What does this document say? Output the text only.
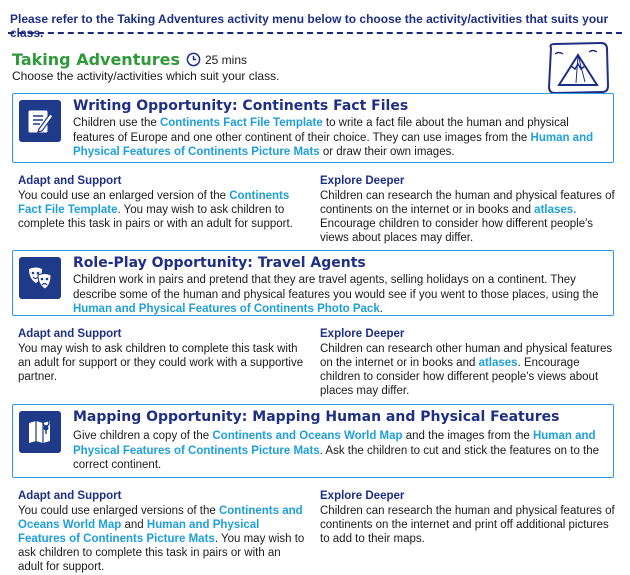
Please refer to the Taking Adventures activity menu below to choose the activity/activities that suits your class.
Taking Adventures 25 mins
Choose the activity/activities which suit your class.
Writing Opportunity: Continents Fact Files
Children use the Continents Fact File Template to write a fact file about the human and physical features of Europe and one other continent of their choice. They can use images from the Human and Physical Features of Continents Picture Mats or draw their own images.
Adapt and Support
You could use an enlarged version of the Continents Fact File Template. You may wish to ask children to complete this task in pairs or with an adult for support.
Explore Deeper
Children can research the human and physical features of continents on the internet or in books and atlases. Encourage children to consider how different people's views about places may differ.
Role-Play Opportunity: Travel Agents
Children work in pairs and pretend that they are travel agents, selling holidays on a continent. They describe some of the human and physical features you would see if you went to those places, using the Human and Physical Features of Continents Photo Pack.
Adapt and Support
You may wish to ask children to complete this task with an adult for support or they could work with a supportive partner.
Explore Deeper
Children can research other human and physical features on the internet or in books and atlases. Encourage children to consider how different people's views about places may differ.
Mapping Opportunity: Mapping Human and Physical Features
Give children a copy of the Continents and Oceans World Map and the images from the Human and Physical Features of Continents Picture Mats. Ask the children to cut and stick the features on to the correct continent.
Adapt and Support
You could use enlarged versions of the Continents and Oceans World Map and Human and Physical Features of Continents Picture Mats. You may wish to ask children to complete this task in pairs or with an adult for support.
Explore Deeper
Children can research the human and physical features of continents on the internet and print off additional pictures to add to their maps.
